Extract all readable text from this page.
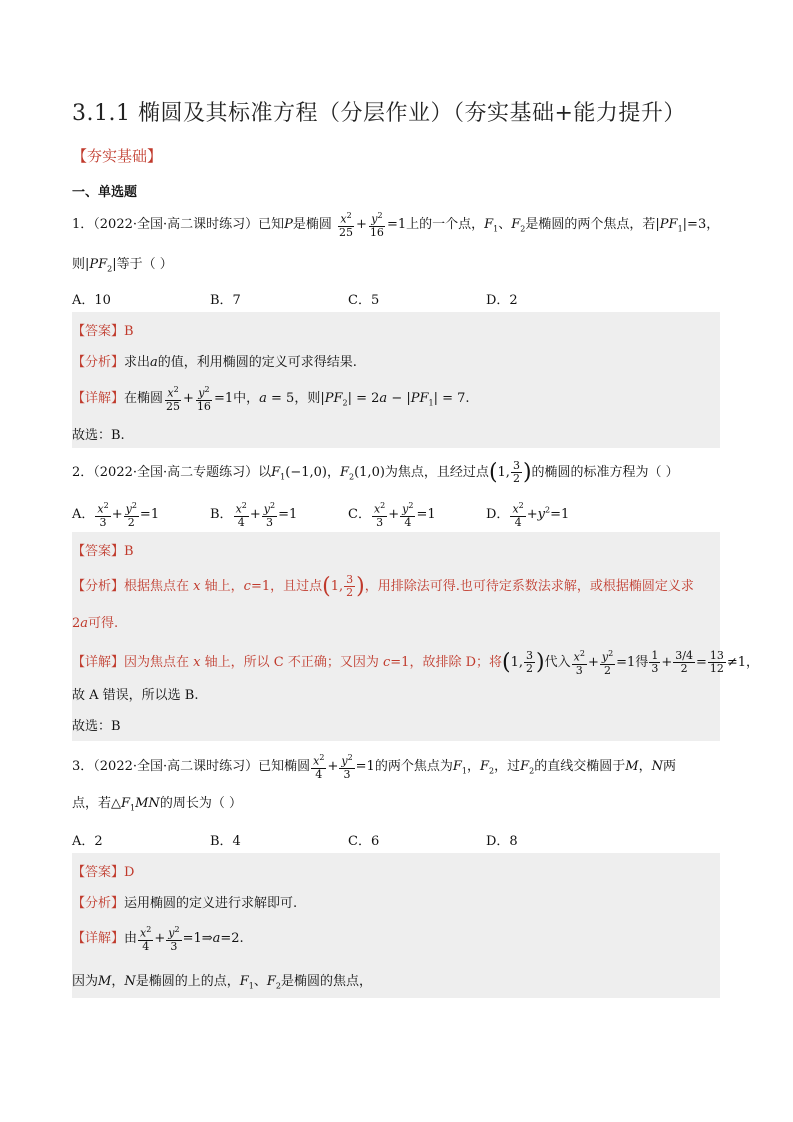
3.1.1 椭圆及其标准方程（分层作业）（夯实基础+能力提升）
【夯实基础】
一、单选题
1．（2022·全国·高二课时练习）已知P是椭圆 $\frac{x^2}{25} + \frac{y^2}{16} =1$上的一个点，$F_1$、$F_2$是椭圆的两个焦点，若$|PF_1|=3$，
则$|PF_2|$等于（ ）
A．10	B．7	C．5	D．2
【答案】B
【分析】求出a的值，利用椭圆的定义可求得结果.
【详解】在椭圆 $\frac{x^2}{25} + \frac{y^2}{16} =1$中，a = 5，则$|PF_2| = 2a - |PF_1| = 7$.
故选：B.
2．（2022·全国·高二专题练习）以$F_1(-1,0)$，$F_2(1,0)$为焦点，且经过点(1, $\frac{3}{2}$ )的椭圆的标准方程为（ ）
A． $\frac{x^2}{3} + \frac{y^2}{2} =1$	B． $\frac{x^2}{4} + \frac{y^2}{3} =1$	C． $\frac{x^2}{3} + \frac{y^2}{4} =1$	D． $\frac{x^2}{4} +y^2=1$
【答案】B
【分析】根据焦点在 x 轴上，c=1，且过点(1, $\frac{3}{2}$ )，用排除法可得.也可待定系数法求解，或根据椭圆定义求
2a可得.
【详解】因为焦点在 x 轴上，所以 C 不正确；又因为 c=1，故排除 D；将(1, $\frac{3}{2}$ )代入 $\frac{x^2}{3} + \frac{y^2}{2} =1$得 $\frac{1}{3} + \frac{3/4}{2} = \frac{13}{12} \ne 1$，
故 A 错误，所以选 B.
故选：B
3．（2022·全国·高二课时练习）已知椭圆 $\frac{x^2}{4} + \frac{y^2}{3} =1$的两个焦点为$F_1$，$F_2$，过$F_2$的直线交椭圆于M，N两
点，若$\triangle F_1MN$的周长为（ ）
A．2	B．4	C．6	D．8
【答案】D
【分析】运用椭圆的定义进行求解即可.
【详解】由 $\frac{x^2}{4} + \frac{y^2}{3}$ =1⇒a=2.
因为M，N是椭圆的上的点，$F_1$、$F_2$是椭圆的焦点，
